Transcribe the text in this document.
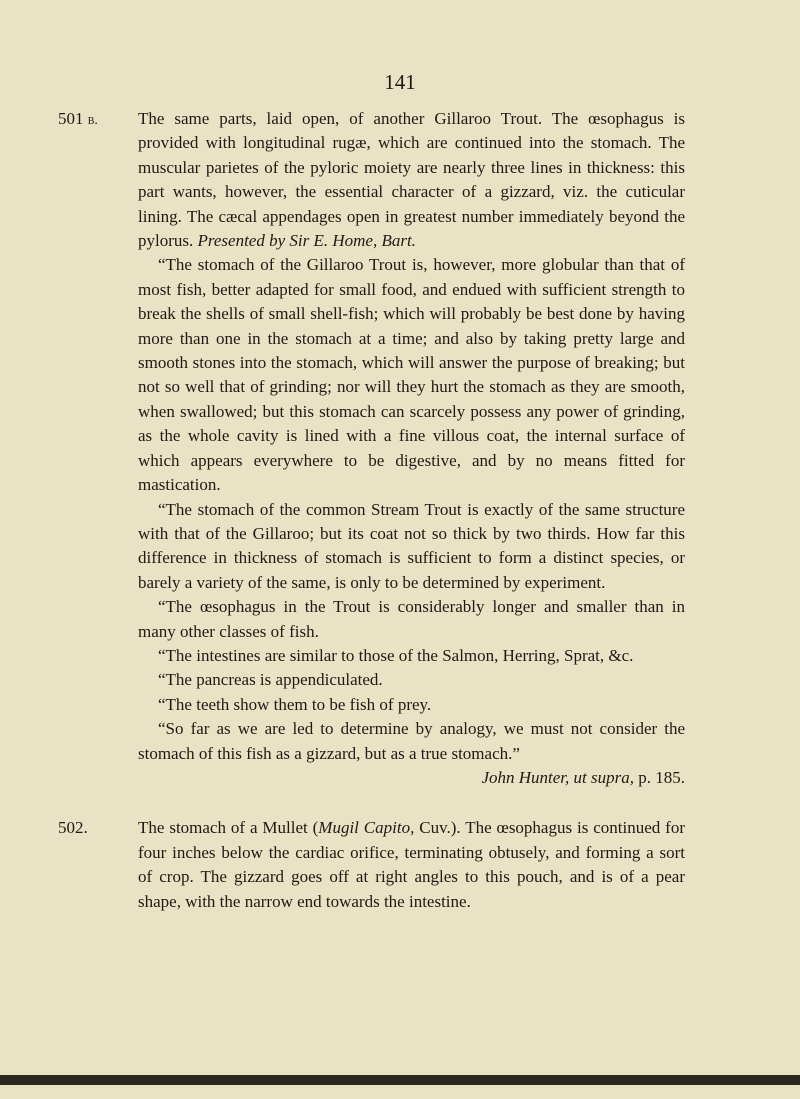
141
501 b. The same parts, laid open, of another Gillaroo Trout. The œsophagus is provided with longitudinal rugæ, which are continued into the stomach. The muscular parietes of the pyloric moiety are nearly three lines in thickness: this part wants, however, the essential character of a gizzard, viz. the cuticular lining. The cæcal appendages open in greatest number immediately beyond the pylorus. Presented by Sir E. Home, Bart.

“The stomach of the Gillaroo Trout is, however, more globular than that of most fish, better adapted for small food, and endued with sufficient strength to break the shells of small shell-fish; which will probably be best done by having more than one in the stomach at a time; and also by taking pretty large and smooth stones into the stomach, which will answer the purpose of breaking; but not so well that of grinding; nor will they hurt the stomach as they are smooth, when swallowed; but this stomach can scarcely possess any power of grinding, as the whole cavity is lined with a fine villous coat, the internal surface of which appears everywhere to be digestive, and by no means fitted for mastication.

“The stomach of the common Stream Trout is exactly of the same structure with that of the Gillaroo; but its coat not so thick by two thirds. How far this difference in thickness of stomach is sufficient to form a distinct species, or barely a variety of the same, is only to be determined by experiment.

“The œsophagus in the Trout is considerably longer and smaller than in many other classes of fish.

“The intestines are similar to those of the Salmon, Herring, Sprat, &c.

“The pancreas is appendiculated.

“The teeth show them to be fish of prey.

“So far as we are led to determine by analogy, we must not consider the stomach of this fish as a gizzard, but as a true stomach.”

John Hunter, ut supra, p. 185.

502.	The stomach of a Mullet (Mugil Capito, Cuv.). The œsophagus is continued for four inches below the cardiac orifice, terminating obtusely, and forming a sort of crop. The gizzard goes off at right angles to this pouch, and is of a pear shape, with the narrow end towards the intestine.
